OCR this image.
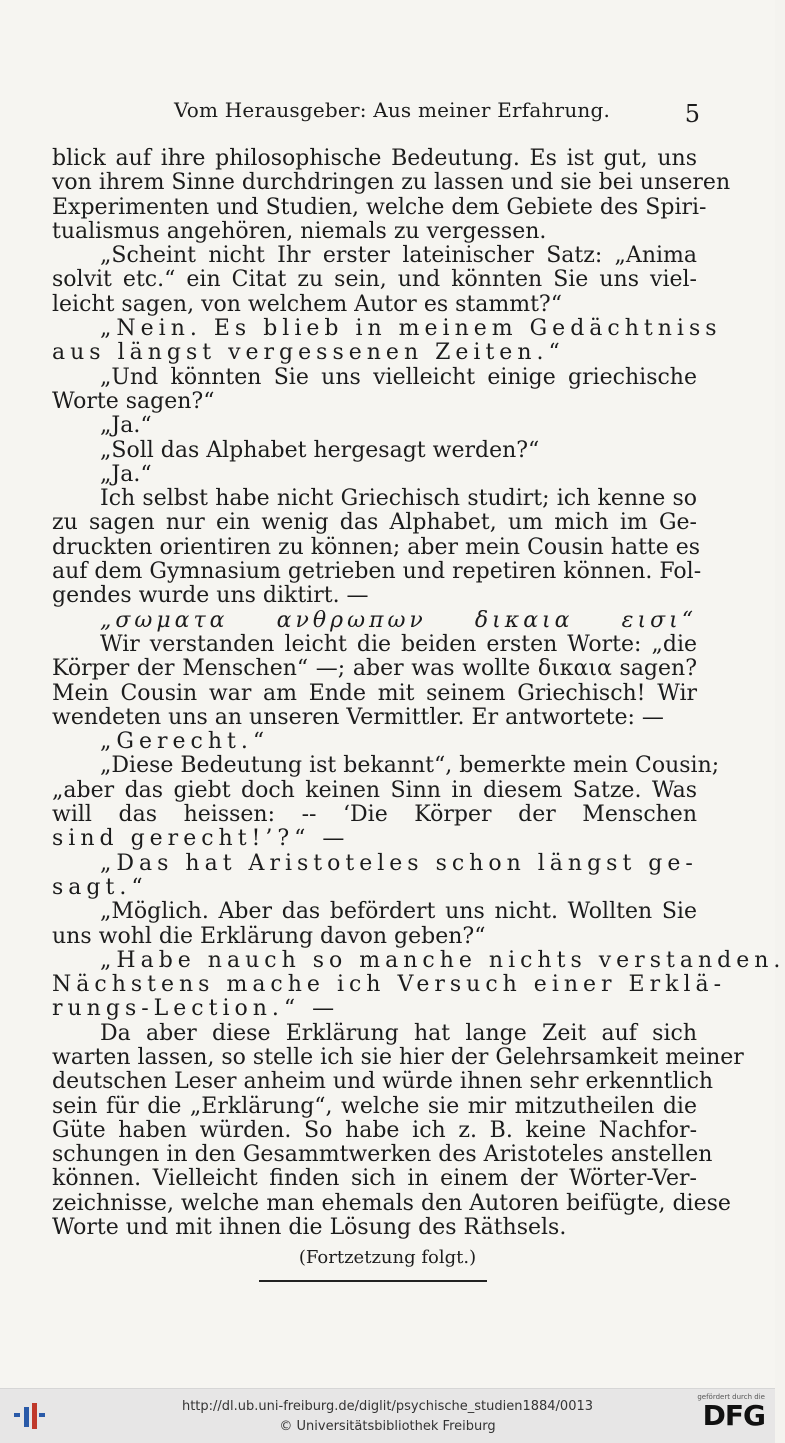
Vom Herausgeber: Aus meiner Erfahrung.	5
blick auf ihre philosophische Bedeutung. Es ist gut, uns
von ihrem Sinne durchdringen zu lassen und sie bei unseren
Experimenten und Studien, welche dem Gebiete des Spiri-
tualismus angehören, niemals zu vergessen.
„Scheint nicht Ihr erster lateinischer Satz: „Anima
solvit etc.“ ein Citat zu sein, und könnten Sie uns viel-
leicht sagen, von welchem Autor es stammt?“
„Nein. Es blieb in meinem Gedächtniss
aus längst vergessenen Zeiten.“
„Und könnten Sie uns vielleicht einige griechische
Worte sagen?“
„Ja.“
„Soll das Alphabet hergesagt werden?“
„Ja.“
Ich selbst habe nicht Griechisch studirt; ich kenne so
zu sagen nur ein wenig das Alphabet, um mich im Ge-
druckten orientiren zu können; aber mein Cousin hatte es
auf dem Gymnasium getrieben und repetiren können. Fol-
gendes wurde uns diktirt. —
„σωματα ανθρωπων δικαια εισι“
Wir verstanden leicht die beiden ersten Worte: „die
Körper der Menschen“ —; aber was wollte δικαια sagen?
Mein Cousin war am Ende mit seinem Griechisch! Wir
wendeten uns an unseren Vermittler. Er antwortete: —
„Gerecht.“
„Diese Bedeutung ist bekannt“, bemerkte mein Cousin;
„aber das giebt doch keinen Sinn in diesem Satze. Was
will das heissen: -- ‘Die Körper der Menschen
sind gerecht!’?“ —
„Das hat Aristoteles schon längst ge-
sagt.“
„Möglich. Aber das befördert uns nicht. Wollten Sie
uns wohl die Erklärung davon geben?“
„Habe nauch so manche nichts verstanden.
Nächstens mache ich Versuch einer Erklä-
rungs-Lection.“ —
Da aber diese Erklärung hat lange Zeit auf sich
warten lassen, so stelle ich sie hier der Gelehrsamkeit meiner
deutschen Leser anheim und würde ihnen sehr erkenntlich
sein für die „Erklärung“, welche sie mir mitzutheilen die
Güte haben würden. So habe ich z. B. keine Nachfor-
schungen in den Gesammtwerken des Aristoteles anstellen
können. Vielleicht finden sich in einem der Wörter-Ver-
zeichnisse, welche man ehemals den Autoren beifügte, diese
Worte und mit ihnen die Lösung des Räthsels.
(Fortzetzung folgt.)
http://dl.ub.uni-freiburg.de/diglit/psychische_studien1884/0013
© Universitätsbibliothek Freiburg
gefördert durch die
DFG
